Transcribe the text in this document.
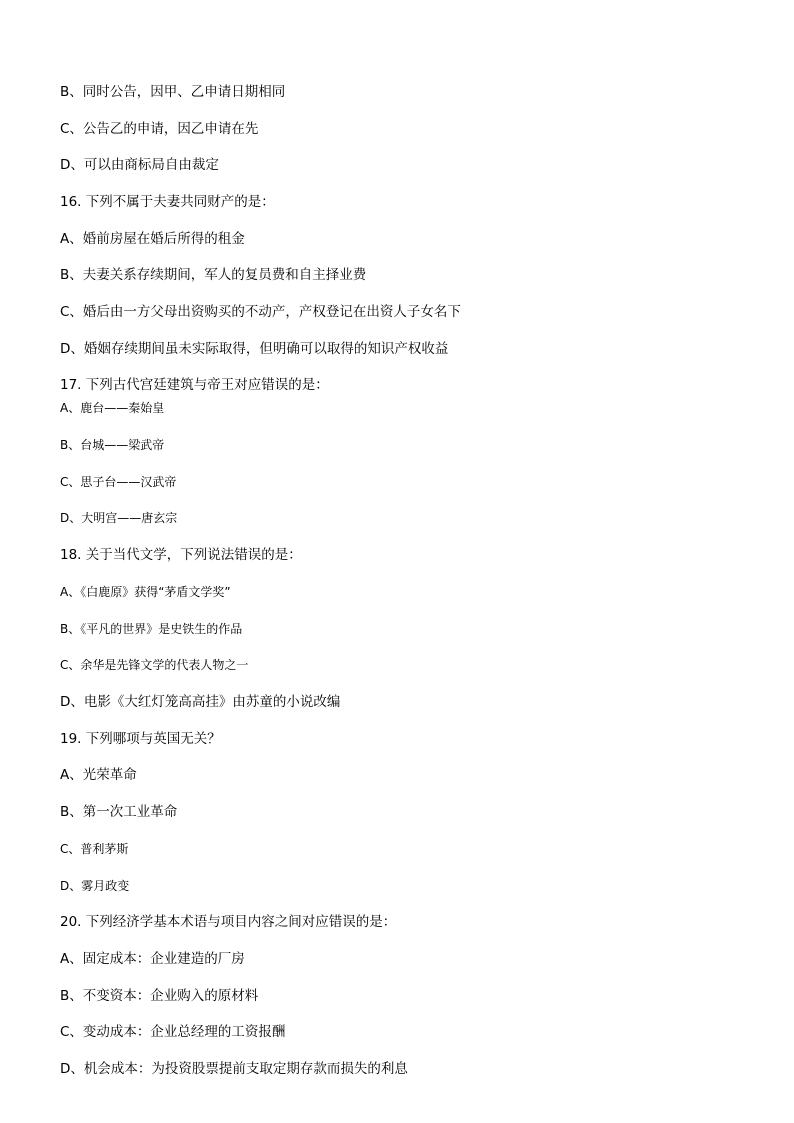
B、同时公告，因甲、乙申请日期相同
C、公告乙的申请，因乙申请在先
D、可以由商标局自由裁定
16. 下列不属于夫妻共同财产的是：
A、婚前房屋在婚后所得的租金
B、夫妻关系存续期间，军人的复员费和自主择业费
C、婚后由一方父母出资购买的不动产，产权登记在出资人子女名下
D、婚姻存续期间虽未实际取得，但明确可以取得的知识产权收益
17. 下列古代宫廷建筑与帝王对应错误的是：
A、鹿台——秦始皇
B、台城——梁武帝
C、思子台——汉武帝
D、大明宫——唐玄宗
18. 关于当代文学，下列说法错误的是：
A、《白鹿原》获得“茅盾文学奖”
B、《平凡的世界》是史铁生的作品
C、余华是先锋文学的代表人物之一
D、电影《大红灯笼高高挂》由苏童的小说改编
19. 下列哪项与英国无关？
A、光荣革命
B、第一次工业革命
C、普利茅斯
D、雾月政变
20. 下列经济学基本术语与项目内容之间对应错误的是：
A、固定成本：企业建造的厂房
B、不变资本：企业购入的原材料
C、变动成本：企业总经理的工资报酬
D、机会成本：为投资股票提前支取定期存款而损失的利息
